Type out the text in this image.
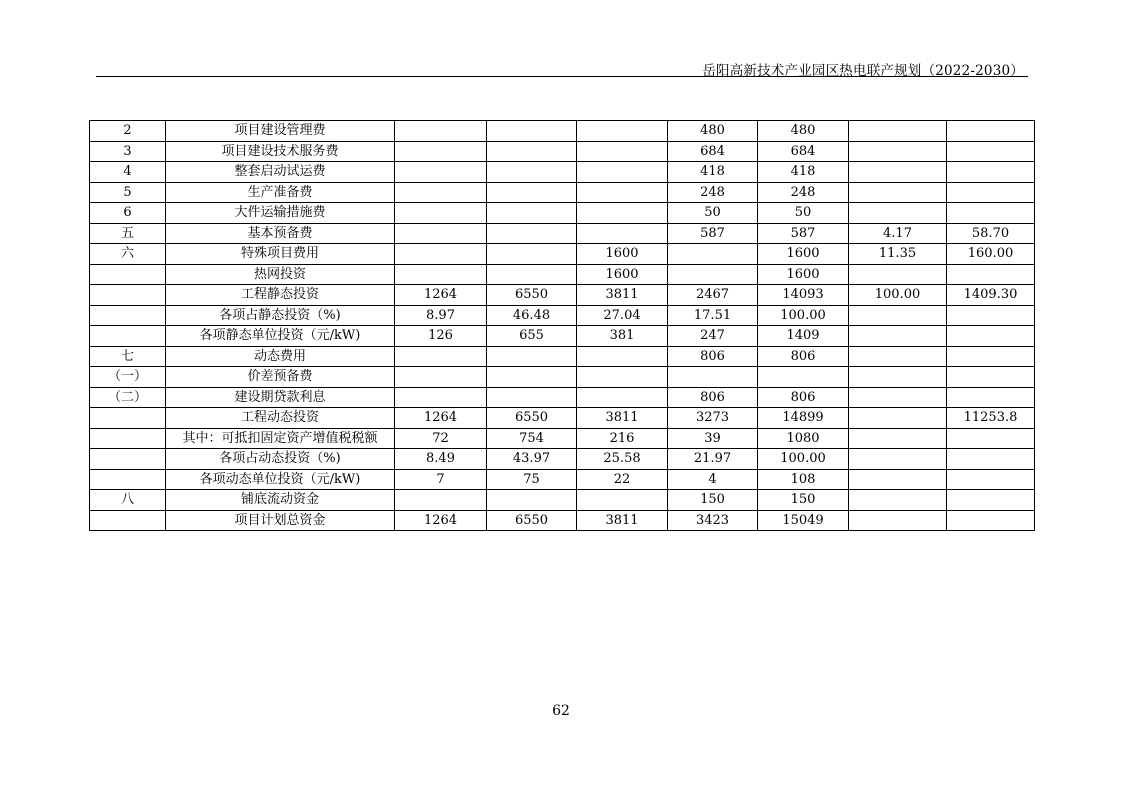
岳阳高新技术产业园区热电联产规划（2022-2030）
2	项目建设管理费				480	480		
3	项目建设技术服务费				684	684		
4	整套启动试运费				418	418		
5	生产准备费				248	248		
6	大件运输措施费				50	50		
五	基本预备费				587	587	4.17	58.70
六	特殊项目费用			1600		1600	11.35	160.00
	热网投资			1600		1600		
	工程静态投资	1264	6550	3811	2467	14093	100.00	1409.30
	各项占静态投资（%)	8.97	46.48	27.04	17.51	100.00		
	各项静态单位投资（元/kW)	126	655	381	247	1409		
七	动态费用				806	806		
（一）	价差预备费							
（二）	建设期贷款利息				806	806		
	工程动态投资	1264	6550	3811	3273	14899		11253.8
	其中：可抵扣固定资产增值税税额	72	754	216	39	1080		
	各项占动态投资（%)	8.49	43.97	25.58	21.97	100.00		
	各项动态单位投资（元/kW)	7	75	22	4	108		
八	铺底流动资金				150	150		
	项目计划总资金	1264	6550	3811	3423	15049		
62
